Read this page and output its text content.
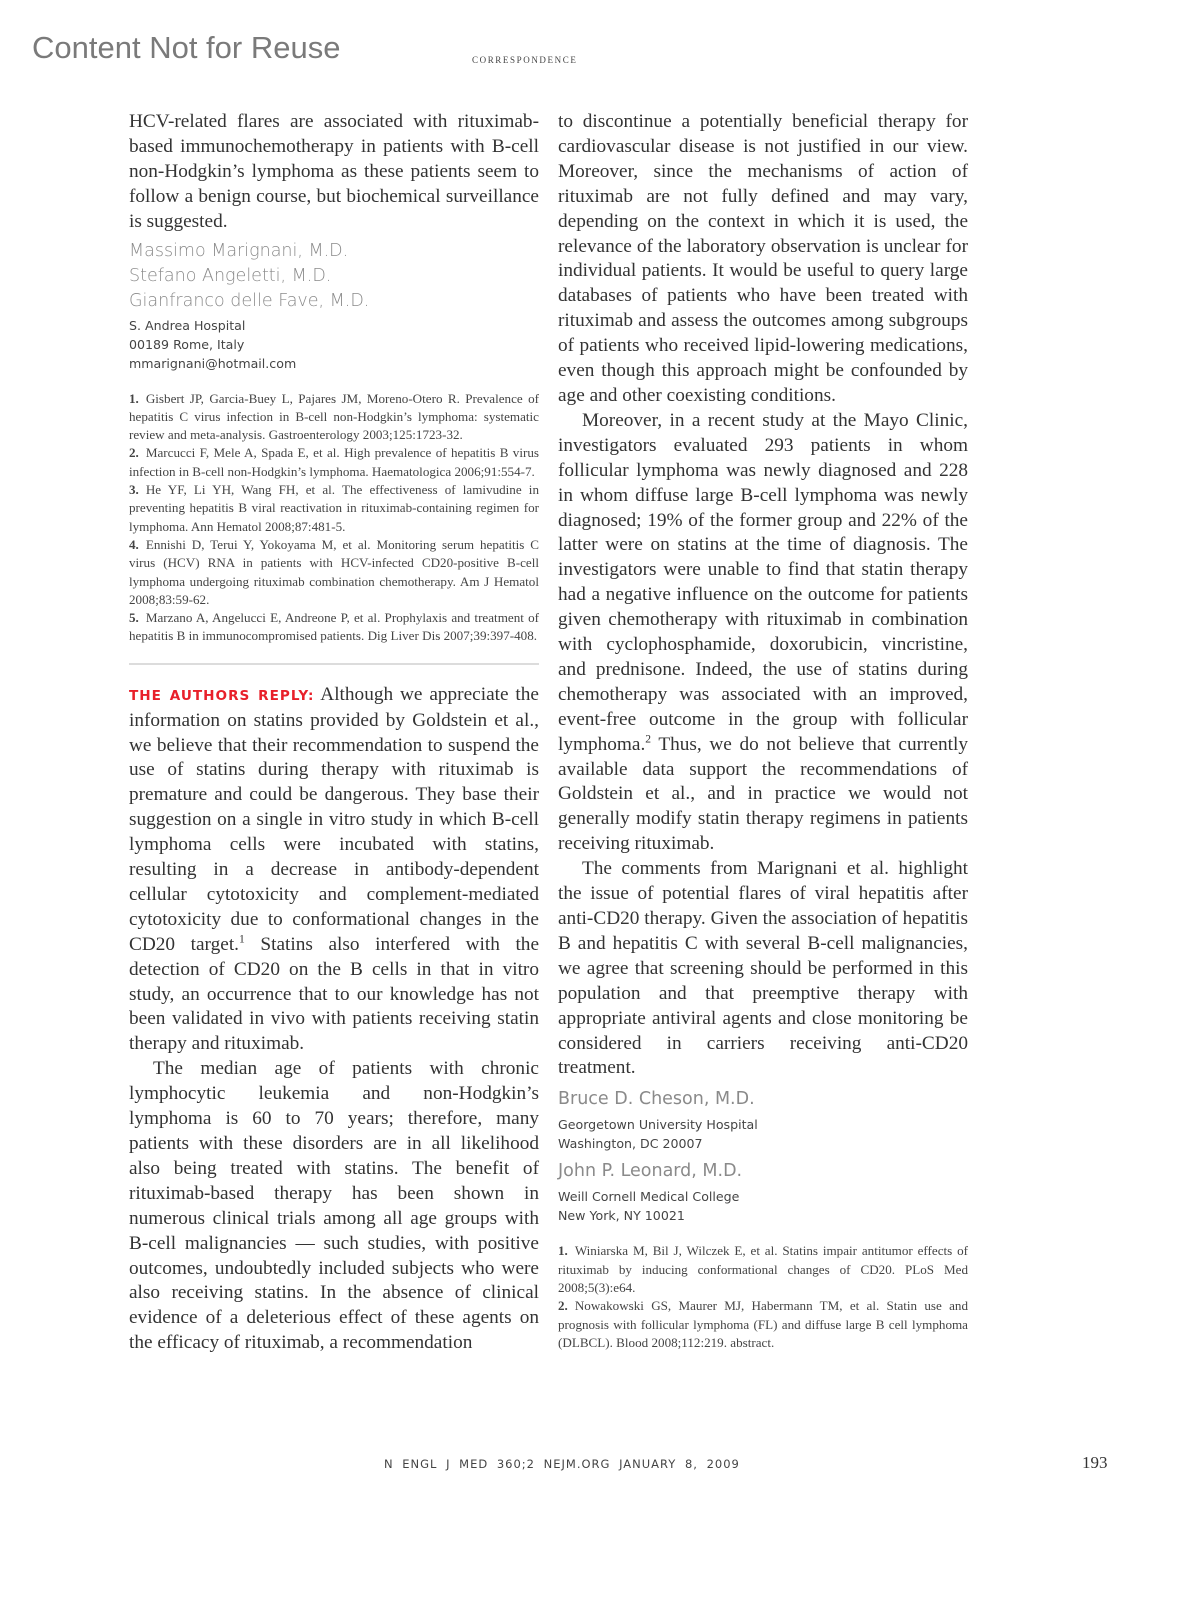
Content Not for Reuse	correspondence

HCV-related flares are associated with rituximab-based immunochemotherapy in patients with B-cell non-Hodgkin’s lymphoma as these patients seem to follow a benign course, but biochemical surveillance is suggested.

Massimo Marignani, M.D.
Stefano Angeletti, M.D.
Gianfranco delle Fave, M.D.
S. Andrea Hospital
00189 Rome, Italy
mmarignani@hotmail.com

1. Gisbert JP, Garcia-Buey L, Pajares JM, Moreno-Otero R. Prevalence of hepatitis C virus infection in B-cell non-Hodgkin’s lymphoma: systematic review and meta-analysis. Gastroenterology 2003;125:1723-32.

2. Marcucci F, Mele A, Spada E, et al. High prevalence of hepatitis B virus infection in B-cell non-Hodgkin’s lymphoma. Haematologica 2006;91:554-7.

3. He YF, Li YH, Wang FH, et al. The effectiveness of lamivudine in preventing hepatitis B viral reactivation in rituximab-containing regimen for lymphoma. Ann Hematol 2008;87:481-5.

4. Ennishi D, Terui Y, Yokoyama M, et al. Monitoring serum hepatitis C virus (HCV) RNA in patients with HCV-infected CD20-positive B-cell lymphoma undergoing rituximab combination chemotherapy. Am J Hematol 2008;83:59-62.

5. Marzano A, Angelucci E, Andreone P, et al. Prophylaxis and treatment of hepatitis B in immunocompromised patients. Dig Liver Dis 2007;39:397-408.

THE AUTHORS REPLY: Although we appreciate the information on statins provided by Goldstein et al., we believe that their recommendation to suspend the use of statins during therapy with rituximab is premature and could be dangerous. They base their suggestion on a single in vitro study in which B-cell lymphoma cells were incubated with statins, resulting in a decrease in antibody-dependent cellular cytotoxicity and complement-mediated cytotoxicity due to conformational changes in the CD20 target.$^1$ Statins also interfered with the detection of CD20 on the B cells in that in vitro study, an occurrence that to our knowledge has not been validated in vivo with patients receiving statin therapy and rituximab.

The median age of patients with chronic lymphocytic leukemia and non-Hodgkin’s lymphoma is 60 to 70 years; therefore, many patients with these disorders are in all likelihood also being treated with statins. The benefit of rituximab-based therapy has been shown in numerous clinical trials among all age groups with B-cell malignancies — such studies, with positive outcomes, undoubtedly included subjects who were also receiving statins. In the absence of clinical evidence of a deleterious effect of these agents on the efficacy of rituximab, a recommendation

to discontinue a potentially beneficial therapy for cardiovascular disease is not justified in our view. Moreover, since the mechanisms of action of rituximab are not fully defined and may vary, depending on the context in which it is used, the relevance of the laboratory observation is unclear for individual patients. It would be useful to query large databases of patients who have been treated with rituximab and assess the outcomes among subgroups of patients who received lipid-lowering medications, even though this approach might be confounded by age and other coexisting conditions.

Moreover, in a recent study at the Mayo Clinic, investigators evaluated 293 patients in whom follicular lymphoma was newly diagnosed and 228 in whom diffuse large B-cell lymphoma was newly diagnosed; 19% of the former group and 22% of the latter were on statins at the time of diagnosis. The investigators were unable to find that statin therapy had a negative influence on the outcome for patients given chemotherapy with rituximab in combination with cyclophosphamide, doxorubicin, vincristine, and prednisone. Indeed, the use of statins during chemotherapy was associated with an improved, event-free outcome in the group with follicular lymphoma.$^2$ Thus, we do not believe that currently available data support the recommendations of Goldstein et al., and in practice we would not generally modify statin therapy regimens in patients receiving rituximab.

The comments from Marignani et al. highlight the issue of potential flares of viral hepatitis after anti-CD20 therapy. Given the association of hepatitis B and hepatitis C with several B-cell malignancies, we agree that screening should be performed in this population and that preemptive therapy with appropriate antiviral agents and close monitoring be considered in carriers receiving anti-CD20 treatment.

Bruce D. Cheson, M.D.
Georgetown University Hospital
Washington, DC 20007
John P. Leonard, M.D.
Weill Cornell Medical College
New York, NY 10021

1. Winiarska M, Bil J, Wilczek E, et al. Statins impair antitumor effects of rituximab by inducing conformational changes of CD20. PLoS Med 2008;5(3):e64.

2. Nowakowski GS, Maurer MJ, Habermann TM, et al. Statin use and prognosis with follicular lymphoma (FL) and diffuse large B cell lymphoma (DLBCL). Blood 2008;112:219. abstract.

N ENGL J MED 360;2 NEJM.ORG JANUARY 8, 2009	193
